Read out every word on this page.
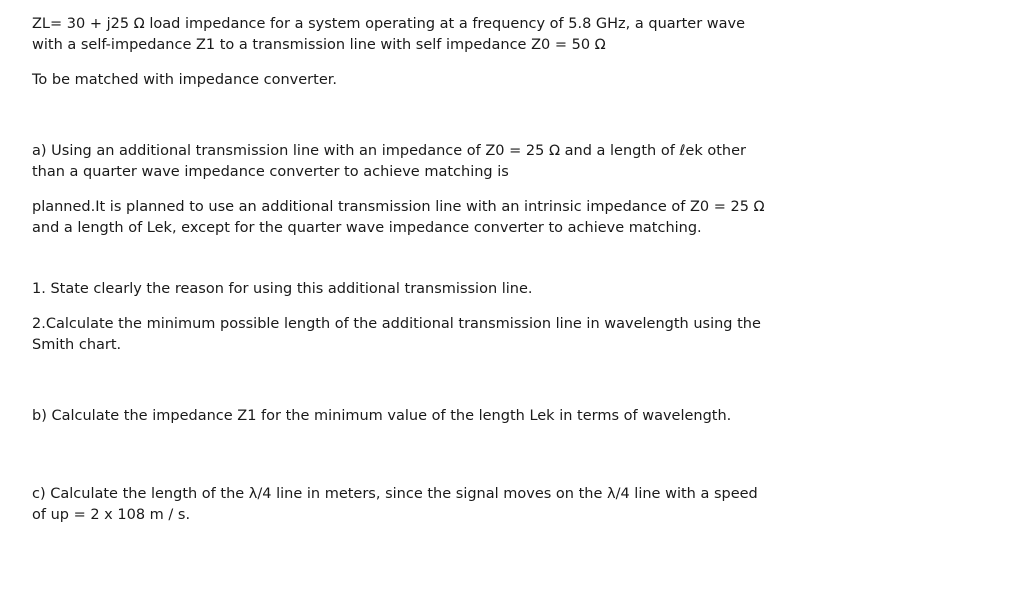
ZL= 30 + j25 Ω load impedance for a system operating at a frequency of 5.8 GHz, a quarter wave
with a self-impedance Z1 to a transmission line with self impedance Z0 = 50 Ω
To be matched with impedance converter.
a) Using an additional transmission line with an impedance of Z0 = 25 Ω and a length of ℓek other
than a quarter wave impedance converter to achieve matching is
planned.It is planned to use an additional transmission line with an intrinsic impedance of Z0 = 25 Ω
and a length of Lek, except for the quarter wave impedance converter to achieve matching.
1. State clearly the reason for using this additional transmission line.
2.Calculate the minimum possible length of the additional transmission line in wavelength using the
Smith chart.
b) Calculate the impedance Z1 for the minimum value of the length Lek in terms of wavelength.
c) Calculate the length of the λ/4 line in meters, since the signal moves on the λ/4 line with a speed
of up = 2 x 108 m / s.
